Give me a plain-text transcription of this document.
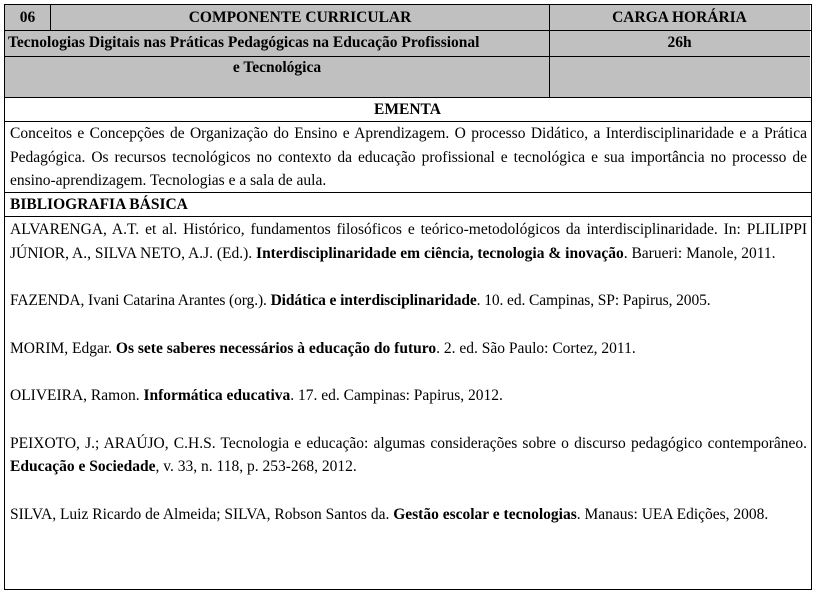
06	COMPONENTE CURRICULAR	CARGA HORÁRIA
Tecnologias Digitais nas Práticas Pedagógicas na Educação Profissional	26h
e Tecnológica
EMENTA
Conceitos e Concepções de Organização do Ensino e Aprendizagem. O processo Didático, a Interdisciplinaridade e a Prática Pedagógica. Os recursos tecnológicos no contexto da educação profissional e tecnológica e sua importância no processo de ensino-aprendizagem. Tecnologias e a sala de aula.
BIBLIOGRAFIA BÁSICA
ALVARENGA, A.T. et al. Histórico, fundamentos filosóficos e teórico-metodológicos da interdisciplinaridade. In: PLILIPPI JÚNIOR, A., SILVA NETO, A.J. (Ed.). Interdisciplinaridade em ciência, tecnologia & inovação. Barueri: Manole, 2011.
FAZENDA, Ivani Catarina Arantes (org.). Didática e interdisciplinaridade. 10. ed. Campinas, SP: Papirus, 2005.
MORIM, Edgar. Os sete saberes necessários à educação do futuro. 2. ed. São Paulo: Cortez, 2011.
OLIVEIRA, Ramon. Informática educativa. 17. ed. Campinas: Papirus, 2012.
PEIXOTO, J.; ARAÚJO, C.H.S. Tecnologia e educação: algumas considerações sobre o discurso pedagógico contemporâneo. Educação e Sociedade, v. 33, n. 118, p. 253-268, 2012.
SILVA, Luiz Ricardo de Almeida; SILVA, Robson Santos da. Gestão escolar e tecnologias. Manaus: UEA Edições, 2008.
